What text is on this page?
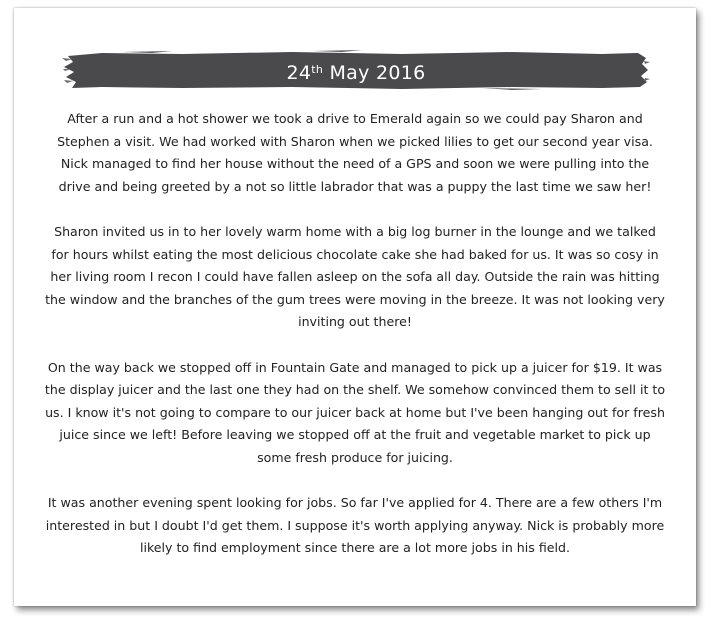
24th May 2016

After a run and a hot shower we took a drive to Emerald again so we could pay Sharon and Stephen a visit. We had worked with Sharon when we picked lilies to get our second year visa. Nick managed to find her house without the need of a GPS and soon we were pulling into the drive and being greeted by a not so little labrador that was a puppy the last time we saw her!

Sharon invited us in to her lovely warm home with a big log burner in the lounge and we talked for hours whilst eating the most delicious chocolate cake she had baked for us. It was so cosy in her living room I recon I could have fallen asleep on the sofa all day. Outside the rain was hitting the window and the branches of the gum trees were moving in the breeze. It was not looking very inviting out there!

On the way back we stopped off in Fountain Gate and managed to pick up a juicer for $19. It was the display juicer and the last one they had on the shelf. We somehow convinced them to sell it to us. I know it's not going to compare to our juicer back at home but I've been hanging out for fresh juice since we left! Before leaving we stopped off at the fruit and vegetable market to pick up some fresh produce for juicing.

It was another evening spent looking for jobs. So far I've applied for 4. There are a few others I'm interested in but I doubt I'd get them. I suppose it's worth applying anyway. Nick is probably more likely to find employment since there are a lot more jobs in his field.
